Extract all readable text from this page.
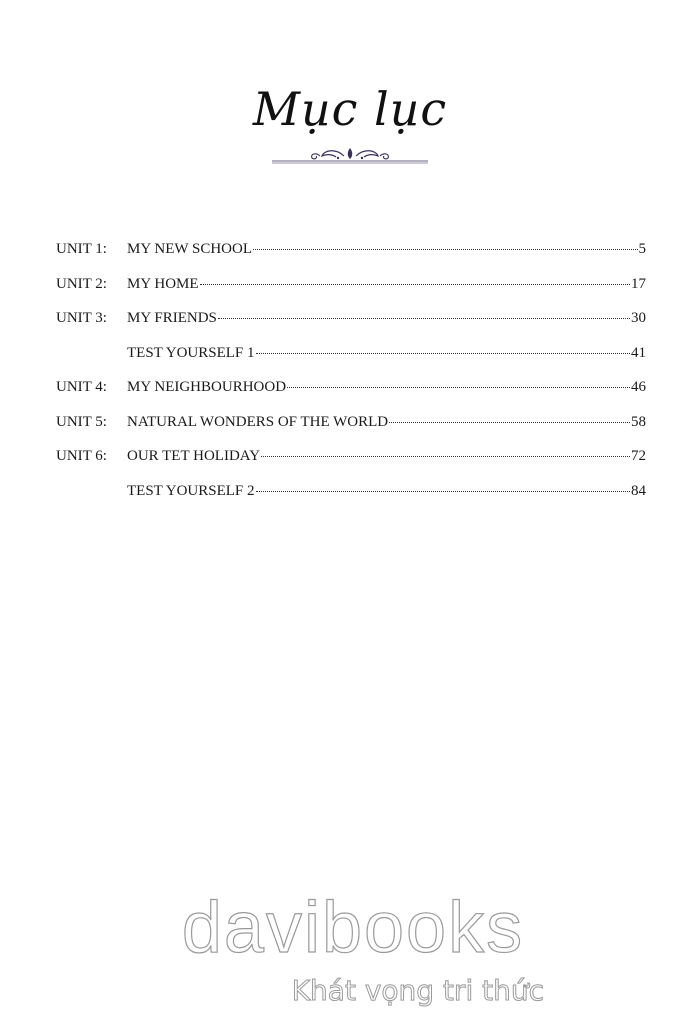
Mục lục
UNIT 1:	MY NEW SCHOOL	5
UNIT 2:	MY HOME	17
UNIT 3:	MY FRIENDS	30
TEST YOURSELF 1	41
UNIT 4:	MY NEIGHBOURHOOD	46
UNIT 5:	NATURAL WONDERS OF THE WORLD	58
UNIT 6:	OUR TET HOLIDAY	72
TEST YOURSELF 2	84
davibooks
Khát vọng tri thức
